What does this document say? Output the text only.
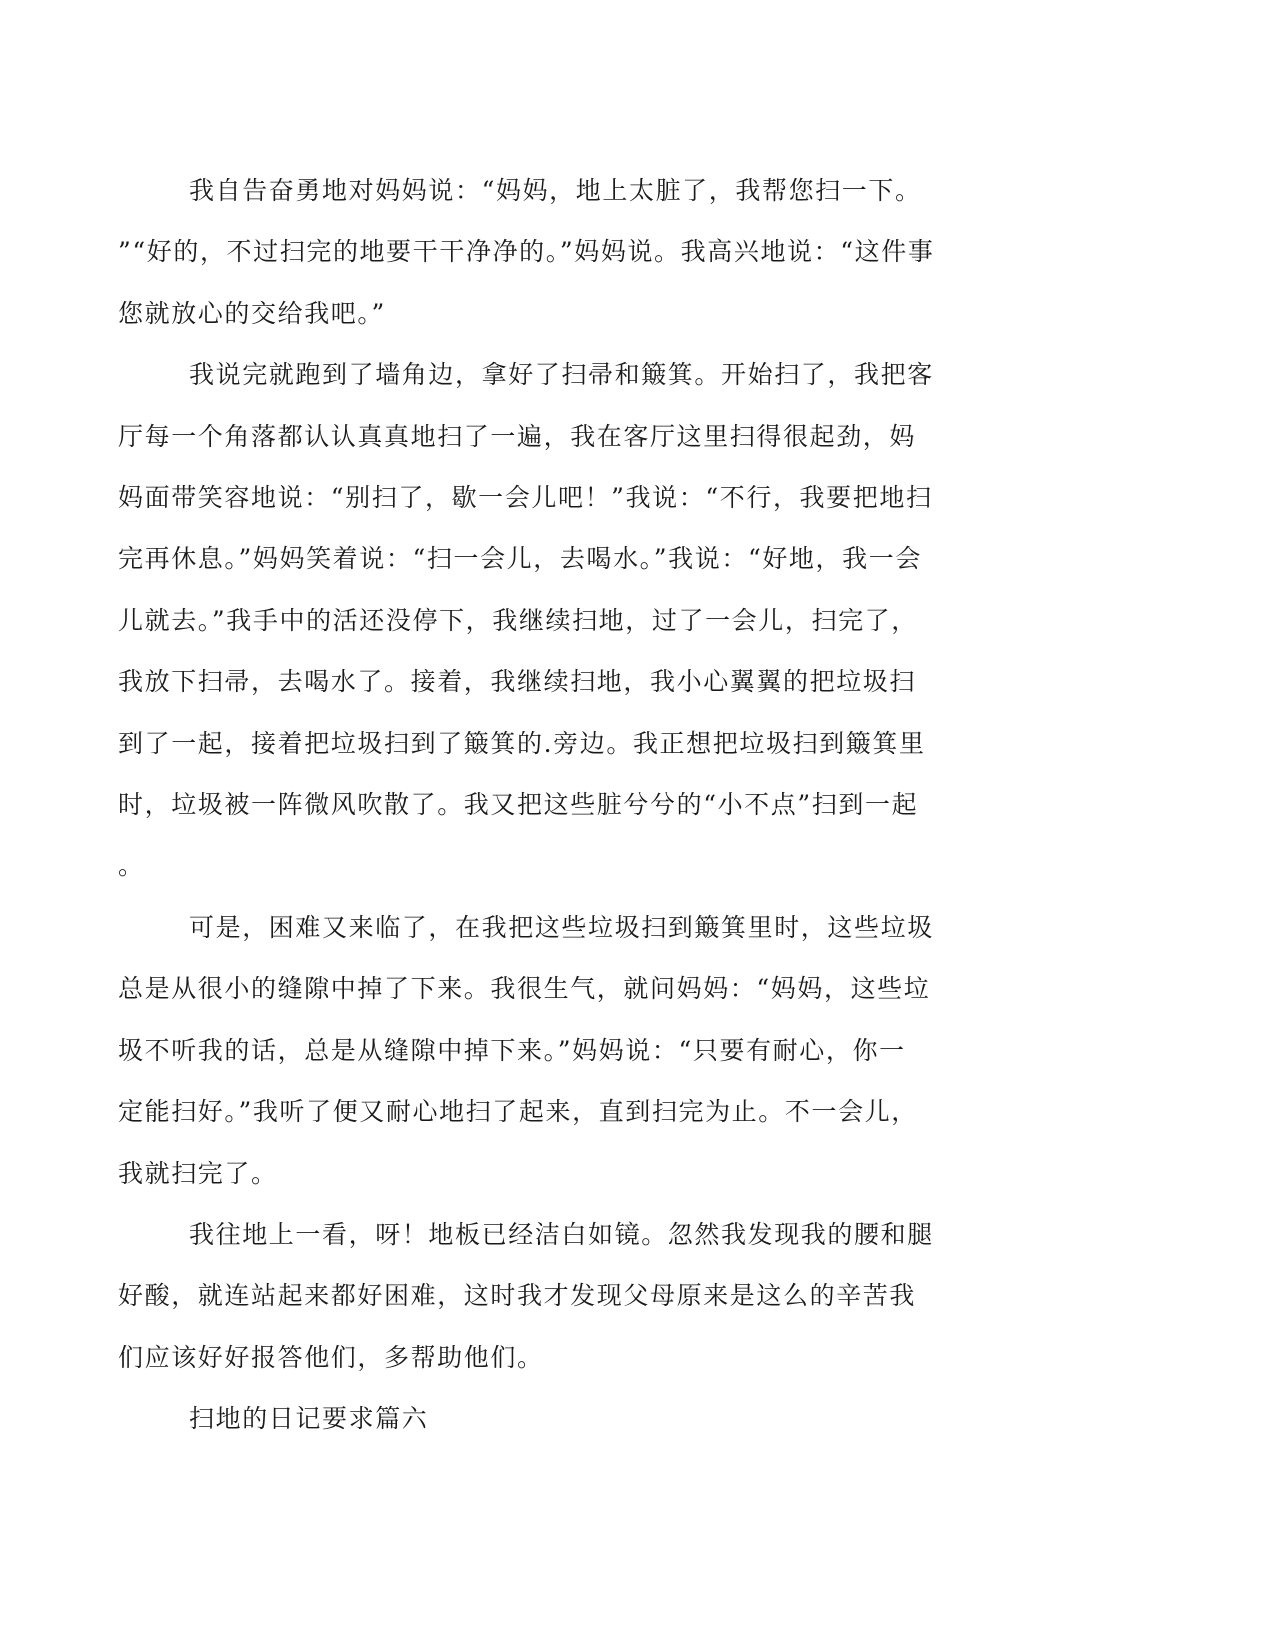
我自告奋勇地对妈妈说：“妈妈，地上太脏了，我帮您扫一下。
”“好的，不过扫完的地要干干净净的。”妈妈说。我高兴地说：“这件事
您就放心的交给我吧。”

我说完就跑到了墙角边，拿好了扫帚和簸箕。开始扫了，我把客
厅每一个角落都认认真真地扫了一遍，我在客厅这里扫得很起劲，妈
妈面带笑容地说：“别扫了，歇一会儿吧！”我说：“不行，我要把地扫
完再休息。”妈妈笑着说：“扫一会儿，去喝水。”我说：“好地，我一会
儿就去。”我手中的活还没停下，我继续扫地，过了一会儿，扫完了，
我放下扫帚，去喝水了。接着，我继续扫地，我小心翼翼的把垃圾扫
到了一起，接着把垃圾扫到了簸箕的.旁边。我正想把垃圾扫到簸箕里
时，垃圾被一阵微风吹散了。我又把这些脏兮兮的“小不点”扫到一起
。

可是，困难又来临了，在我把这些垃圾扫到簸箕里时，这些垃圾
总是从很小的缝隙中掉了下来。我很生气，就问妈妈：“妈妈，这些垃
圾不听我的话，总是从缝隙中掉下来。”妈妈说：“只要有耐心，你一
定能扫好。”我听了便又耐心地扫了起来，直到扫完为止。不一会儿，
我就扫完了。

我往地上一看，呀！地板已经洁白如镜。忽然我发现我的腰和腿
好酸，就连站起来都好困难，这时我才发现父母原来是这么的辛苦我
们应该好好报答他们，多帮助他们。

扫地的日记要求篇六
